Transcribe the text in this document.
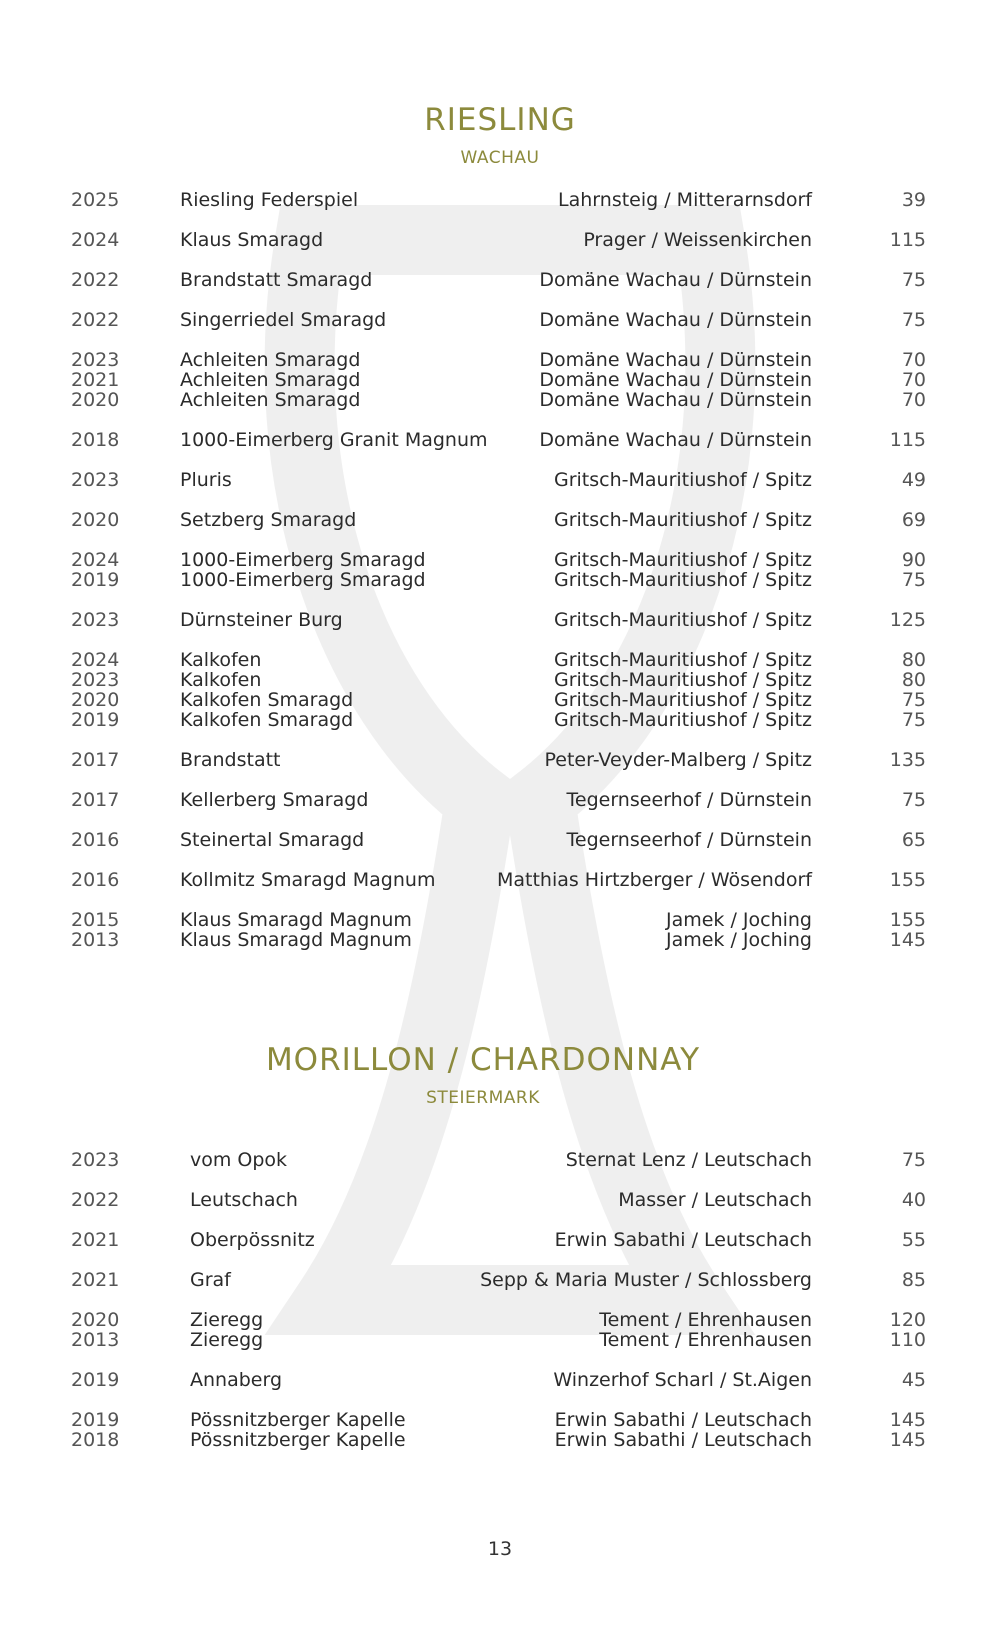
RIESLING
WACHAU
2025	Riesling Federspiel	Lahrnsteig / Mitterarnsdorf	39
2024	Klaus Smaragd	Prager / Weissenkirchen	115
2022	Brandstatt Smaragd	Domäne Wachau / Dürnstein	75
2022	Singerriedel Smaragd	Domäne Wachau / Dürnstein	75
2023	Achleiten Smaragd	Domäne Wachau / Dürnstein	70
2021	Achleiten Smaragd	Domäne Wachau / Dürnstein	70
2020	Achleiten Smaragd	Domäne Wachau / Dürnstein	70
2018	1000-Eimerberg Granit Magnum	Domäne Wachau / Dürnstein	115
2023	Pluris	Gritsch-Mauritiushof / Spitz	49
2020	Setzberg Smaragd	Gritsch-Mauritiushof / Spitz	69
2024	1000-Eimerberg Smaragd	Gritsch-Mauritiushof / Spitz	90
2019	1000-Eimerberg Smaragd	Gritsch-Mauritiushof / Spitz	75
2023	Dürnsteiner Burg	Gritsch-Mauritiushof / Spitz	125
2024	Kalkofen	Gritsch-Mauritiushof / Spitz	80
2023	Kalkofen	Gritsch-Mauritiushof / Spitz	80
2020	Kalkofen Smaragd	Gritsch-Mauritiushof / Spitz	75
2019	Kalkofen Smaragd	Gritsch-Mauritiushof / Spitz	75
2017	Brandstatt	Peter-Veyder-Malberg / Spitz	135
2017	Kellerberg Smaragd	Tegernseerhof / Dürnstein	75
2016	Steinertal Smaragd	Tegernseerhof / Dürnstein	65
2016	Kollmitz Smaragd Magnum	Matthias Hirtzberger / Wösendorf	155
2015	Klaus Smaragd Magnum	Jamek / Joching	155
2013	Klaus Smaragd Magnum	Jamek / Joching	145
MORILLON / CHARDONNAY
STEIERMARK
2023	vom Opok	Sternat Lenz / Leutschach	75
2022	Leutschach	Masser / Leutschach	40
2021	Oberpössnitz	Erwin Sabathi / Leutschach	55
2021	Graf	Sepp & Maria Muster / Schlossberg	85
2020	Zieregg	Tement / Ehrenhausen	120
2013	Zieregg	Tement / Ehrenhausen	110
2019	Annaberg	Winzerhof Scharl / St.Aigen	45
2019	Pössnitzberger Kapelle	Erwin Sabathi / Leutschach	145
2018	Pössnitzberger Kapelle	Erwin Sabathi / Leutschach	145
13
